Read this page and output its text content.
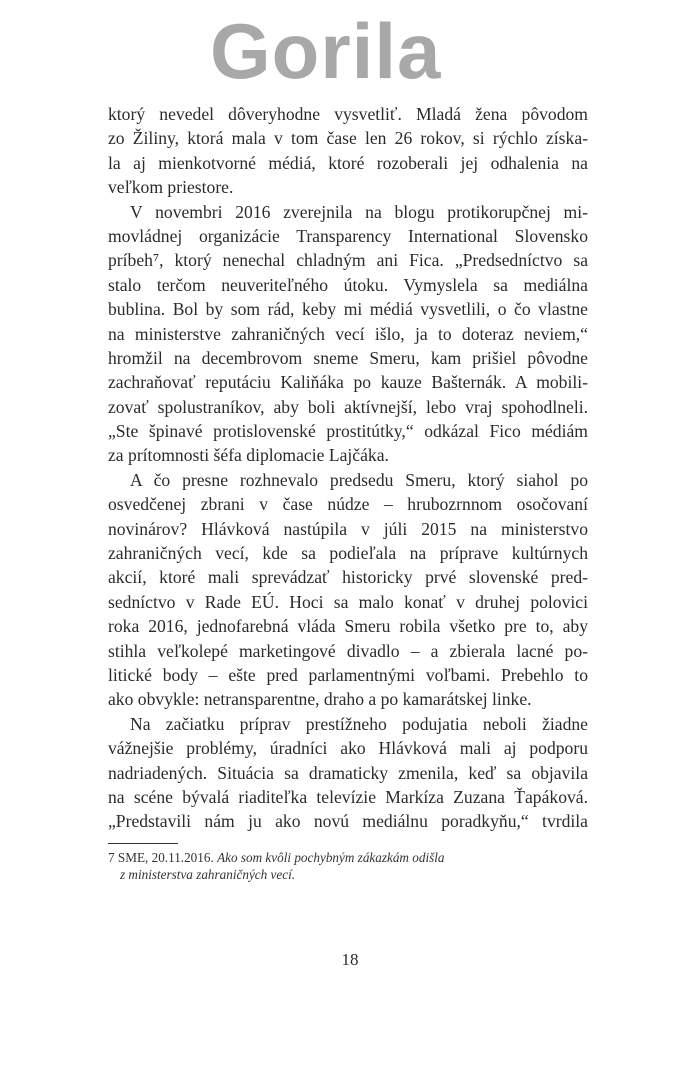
ktorý nevedel dôveryhodne vysvetliť. Mladá žena pôvodom
zo Žiliny, ktorá mala v tom čase len 26 rokov, si rýchlo získa-
la aj mienkotvorné médiá, ktoré rozoberali jej odhalenia na
veľkom priestore.
V novembri 2016 zverejnila na blogu protikorupčnej mi-
movládnej organizácie Transparency International Slovensko
príbeh⁷, ktorý nenechal chladným ani Fica. „Predsedníctvo sa
stalo terčom neuveriteľného útoku. Vymyslela sa mediálna
bublina. Bol by som rád, keby mi médiá vysvetlili, o čo vlastne
na ministerstve zahraničných vecí išlo, ja to doteraz neviem,“
hromžil na decembrovom sneme Smeru, kam prišiel pôvodne
zachraňovať reputáciu Kaliňáka po kauze Bašternák. A mobili-
zovať spolustraníkov, aby boli aktívnejší, lebo vraj spohodlneli.
„Ste špinavé protislovenské prostitútky,“ odkázal Fico médiám
za prítomnosti šéfa diplomacie Lajčáka.
A čo presne rozhnevalo predsedu Smeru, ktorý siahol po
osvedčenej zbrani v čase núdze – hrubozrnnom osočovaní
novinárov? Hlávková nastúpila v júli 2015 na ministerstvo
zahraničných vecí, kde sa podieľala na príprave kultúrnych
akcií, ktoré mali sprevádzať historicky prvé slovenské pred-
sedníctvo v Rade EÚ. Hoci sa malo konať v druhej polovici
roka 2016, jednofarebná vláda Smeru robila všetko pre to, aby
stihla veľkolepé marketingové divadlo – a zbierala lacné po-
litické body – ešte pred parlamentnými voľbami. Prebehlo to
ako obvykle: netransparentne, draho a po kamarátskej linke.
Na začiatku príprav prestížneho podujatia neboli žiadne
vážnejšie problémy, úradníci ako Hlávková mali aj podporu
nadriadených. Situácia sa dramaticky zmenila, keď sa objavila
na scéne bývalá riaditeľka televízie Markíza Zuzana Ťapáková.
„Predstavili nám ju ako novú mediálnu poradkyňu,“ tvrdila
7 SME, 20.11.2016. Ako som kvôli pochybným zákazkám odišla
z ministerstva zahraničných vecí.
18
Gorila
